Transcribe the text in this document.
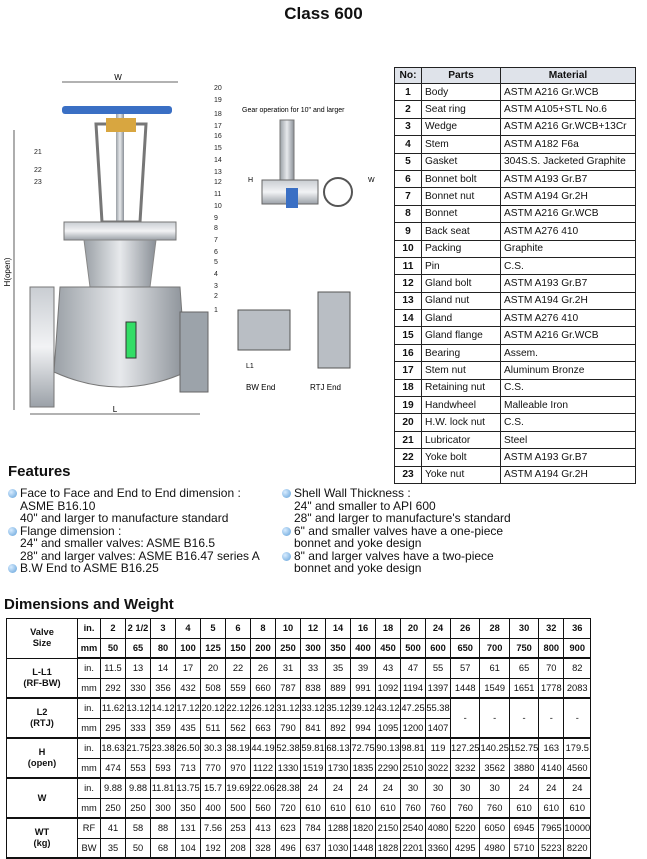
Class 600
W
H(open)
L
20
19
18
17
16
15
14
13
12
11
10
9
8
7
6
5
4
3
2
1
21
22
23
Gear operation for 10" and larger
H	W
BW End	RTJ End
L1
No:	Parts	Material
1	Body	ASTM A216 Gr.WCB
2	Seat ring	ASTM A105+STL No.6
3	Wedge	ASTM A216 Gr.WCB+13Cr
4	Stem	ASTM A182 F6a
5	Gasket	304S.S. Jacketed Graphite
6	Bonnet bolt	ASTM A193 Gr.B7
7	Bonnet nut	ASTM A194 Gr.2H
8	Bonnet	ASTM A216 Gr.WCB
9	Back seat	ASTM A276 410
10	Packing	Graphite
11	Pin	C.S.
12	Gland bolt	ASTM A193 Gr.B7
13	Gland nut	ASTM A194 Gr.2H
14	Gland	ASTM A276 410
15	Gland flange	ASTM A216 Gr.WCB
16	Bearing	Assem.
17	Stem nut	Aluminum Bronze
18	Retaining nut	C.S.
19	Handwheel	Malleable Iron
20	H.W. lock nut	C.S.
21	Lubricator	Steel
22	Yoke bolt	ASTM A193 Gr.B7
23	Yoke nut	ASTM A194 Gr.2H
Features
Face to Face and End to End dimension :
ASME B16.10
40" and larger to manufacture standard
Flange dimension :
24" and smaller valves: ASME B16.5
28" and larger valves: ASME B16.47 series A
B.W End to ASME B16.25
Shell Wall Thickness :
24" and smaller to API 600
28" and larger to manufacture's standard
6" and smaller valves have a one-piece
bonnet and yoke design
8" and larger valves have a two-piece
bonnet and yoke design
Dimensions and Weight
Valve
Size	in.	2	2 1/2	3	4	5	6	8	10	12	14	16	18	20	24	26	28	30	32	36
	mm	50	65	80	100	125	150	200	250	300	350	400	450	500	600	650	700	750	800	900

L-L1
(RF-BW)	in.	11.5	13	14	17	20	22	26	31	33	35	39	43	47	55	57	61	65	70	82
	mm	292	330	356	432	508	559	660	787	838	889	991	1092	1194	1397	1448	1549	1651	1778	2083

L2
(RTJ)	in.	11.62	13.12	14.12	17.12	20.12	22.12	26.12	31.12	33.12	35.12	39.12	43.12	47.25	55.38	-	-	-	-	-
	mm	295	333	359	435	511	562	663	790	841	892	994	1095	1200	1407					

H
(open)	in.	18.63	21.75	23.38	26.50	30.3	38.19	44.19	52.38	59.81	68.13	72.75	90.13	98.81	119	127.25	140.25	152.75	163	179.5
	mm	474	553	593	713	770	970	1122	1330	1519	1730	1835	2290	2510	3022	3232	3562	3880	4140	4560

W	in.	9.88	9.88	11.81	13.75	15.7	19.69	22.06	28.38	24	24	24	24	30	30	30	30	24	24	24
	mm	250	250	300	350	400	500	560	720	610	610	610	610	760	760	760	760	610	610	610

WT
(kg)	RF	41	58	88	131	7.56	253	413	623	784	1288	1820	2150	2540	4080	5220	6050	6945	7965	10000
	BW	35	50	68	104	192	208	328	496	637	1030	1448	1828	2201	3360	4295	4980	5710	5223	8220
